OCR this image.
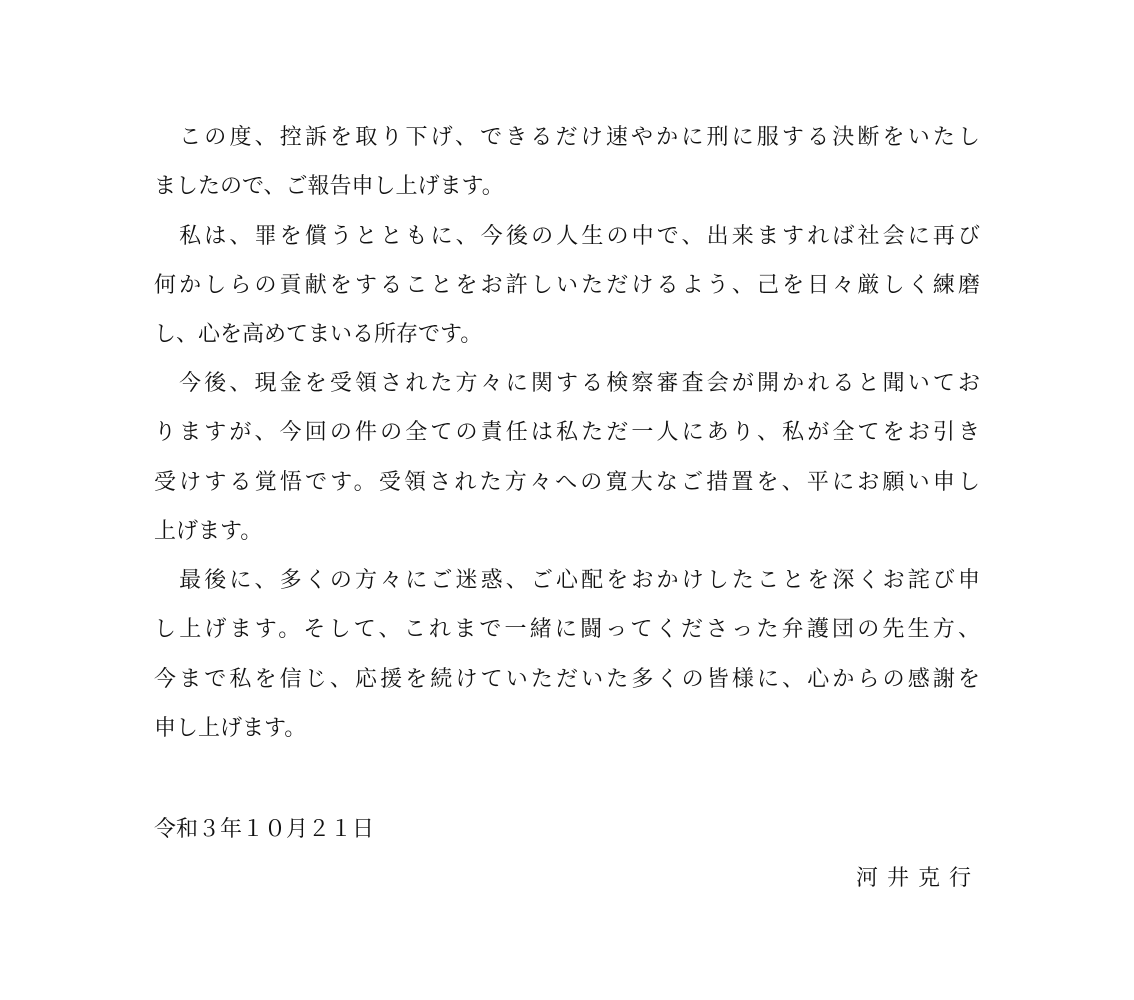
　この度、控訴を取り下げ、できるだけ速やかに刑に服する決断をいたし
ましたので、ご報告申し上げます。
　私は、罪を償うとともに、今後の人生の中で、出来ますれば社会に再び
何かしらの貢献をすることをお許しいただけるよう、己を日々厳しく練磨
し、心を高めてまいる所存です。
　今後、現金を受領された方々に関する検察審査会が開かれると聞いてお
りますが、今回の件の全ての責任は私ただ一人にあり、私が全てをお引き
受けする覚悟です。受領された方々への寛大なご措置を、平にお願い申し
上げます。
　最後に、多くの方々にご迷惑、ご心配をおかけしたことを深くお詫び申
し上げます。そして、これまで一緒に闘ってくださった弁護団の先生方、
今まで私を信じ、応援を続けていただいた多くの皆様に、心からの感謝を
申し上げます。
令和３年１０月２１日
河井克行
